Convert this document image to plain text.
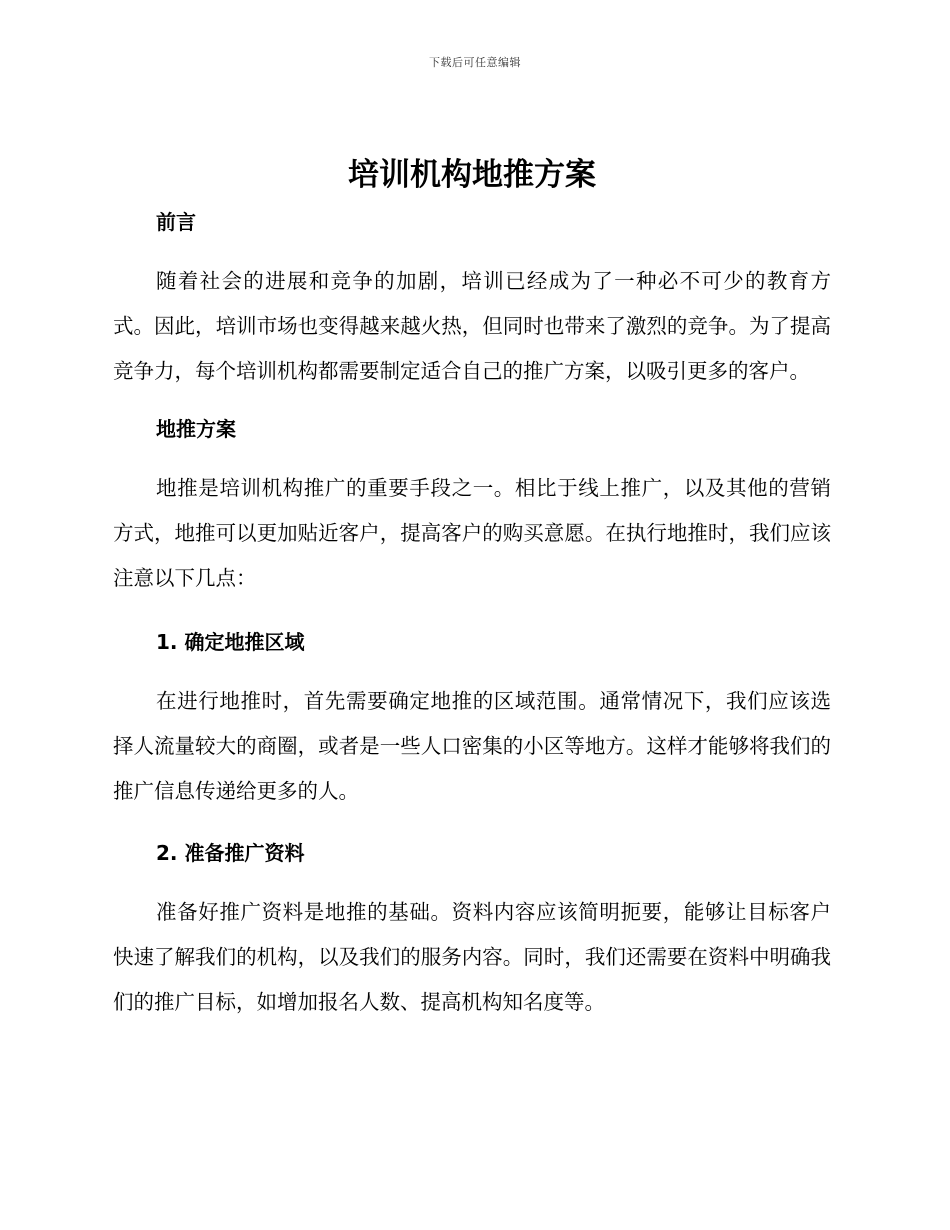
下载后可任意编辑
培训机构地推方案
前言

随着社会的进展和竞争的加剧，培训已经成为了一种必不可少的教育方式。因此，培训市场也变得越来越火热，但同时也带来了激烈的竞争。为了提高竞争力，每个培训机构都需要制定适合自己的推广方案，以吸引更多的客户。

地推方案

地推是培训机构推广的重要手段之一。相比于线上推广，以及其他的营销方式，地推可以更加贴近客户，提高客户的购买意愿。在执行地推时，我们应该注意以下几点：

1. 确定地推区域

在进行地推时，首先需要确定地推的区域范围。通常情况下，我们应该选择人流量较大的商圈，或者是一些人口密集的小区等地方。这样才能够将我们的推广信息传递给更多的人。

2. 准备推广资料

准备好推广资料是地推的基础。资料内容应该简明扼要，能够让目标客户快速了解我们的机构，以及我们的服务内容。同时，我们还需要在资料中明确我们的推广目标，如增加报名人数、提高机构知名度等。
